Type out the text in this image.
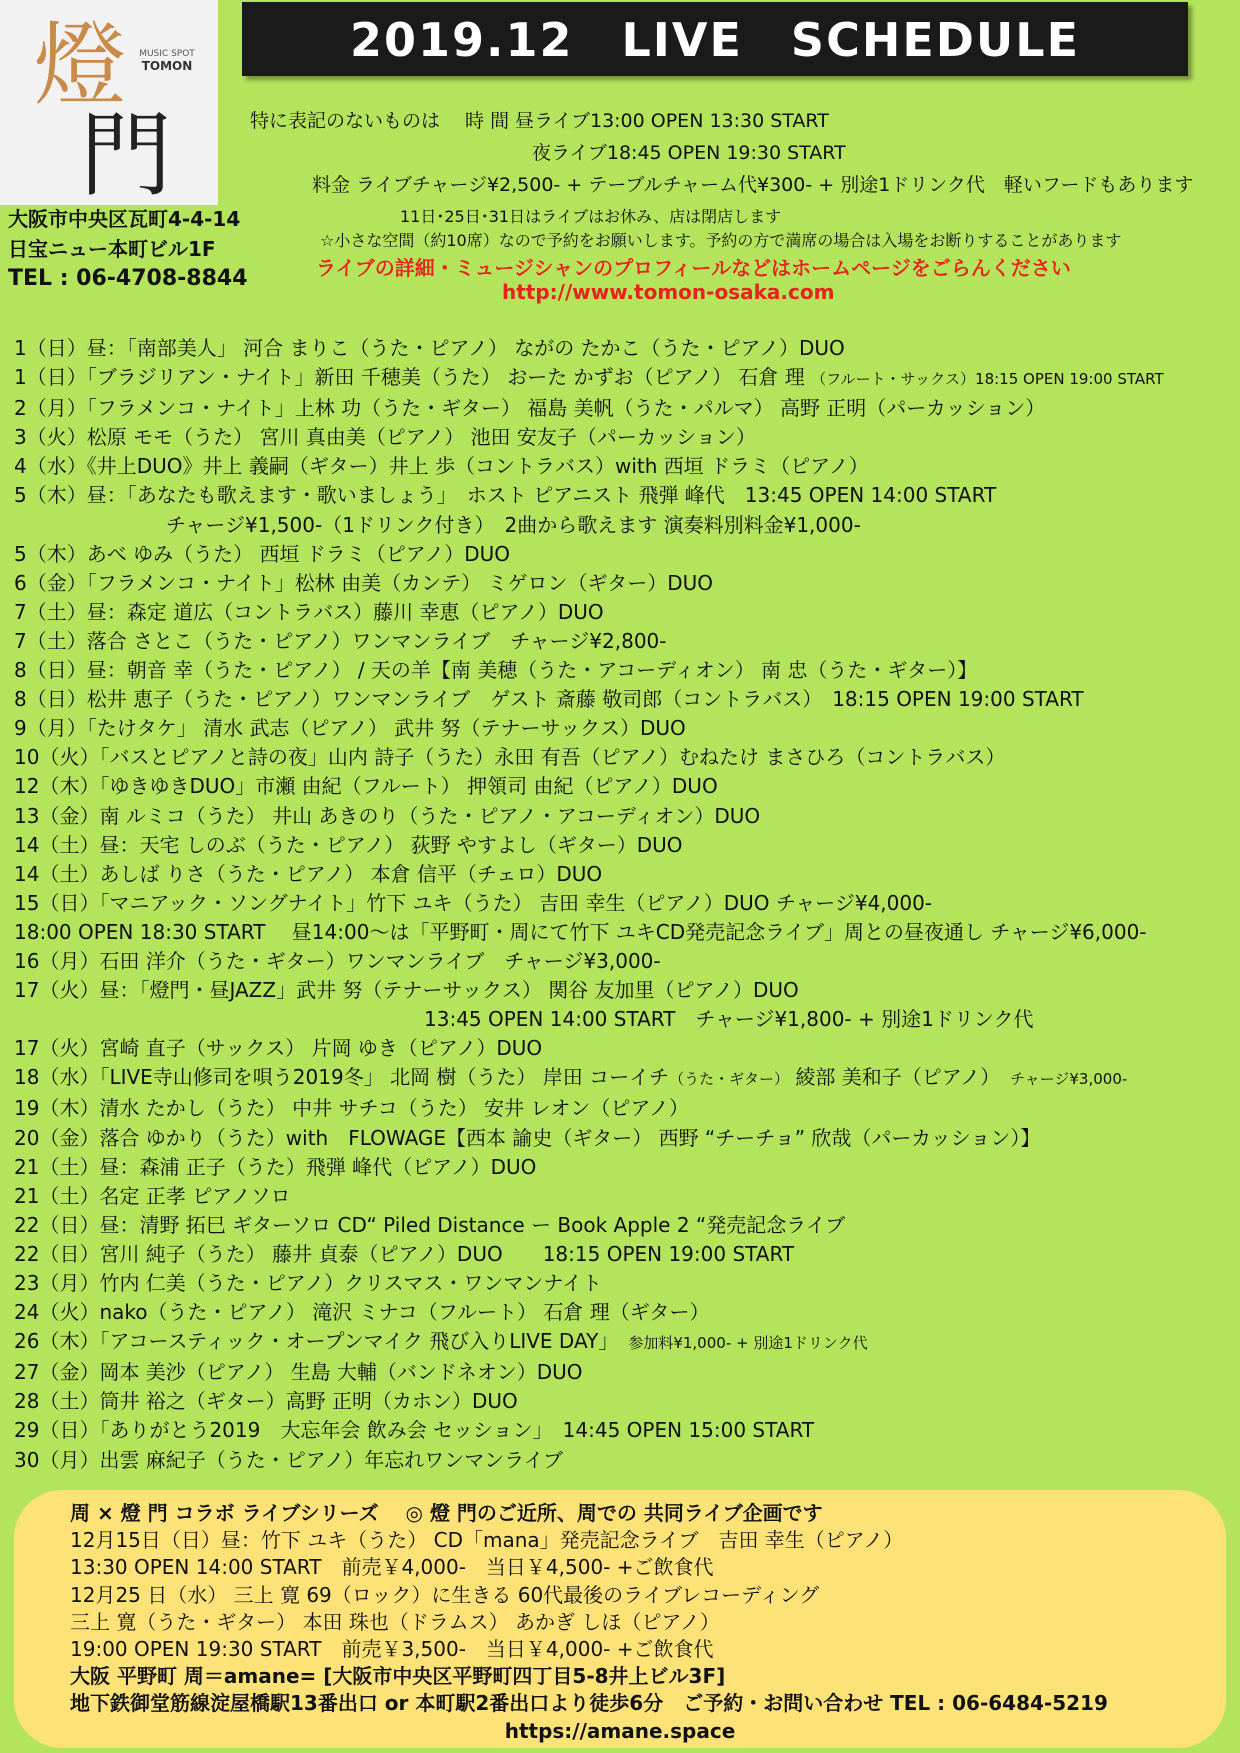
燈
門
MUSIC SPOT
TOMON
大阪市中央区瓦町4-4-14
日宝ニュー本町ビル1F
TEL : 06-4708-8844
2019.12　LIVE　SCHEDULE
特に表記のないものは　 時 間 昼ライブ13:00 OPEN 13:30 START
夜ライブ18:45 OPEN 19:30 START
料金 ライブチャージ¥2,500- + テーブルチャーム代¥300- + 別途1ドリンク代　軽いフードもあります
11日･25日･31日はライブはお休み、店は閉店します
☆小さな空間（約10席）なので予約をお願いします。予約の方で満席の場合は入場をお断りすることがあります
ライブの詳細・ミュージシャンのプロフィールなどはホームページをごらんください
http://www.tomon-osaka.com
1（日）昼：「南部美人」 河合 まりこ（うた・ピアノ） ながの たかこ（うた・ピアノ）DUO
1（日）「ブラジリアン・ナイト」新田 千穂美（うた） おーた かずお（ピアノ） 石倉 理 （フルート・サックス）18:15 OPEN 19:00 START
2（月）「フラメンコ・ナイト」上林 功（うた・ギター） 福島 美帆（うた・パルマ） 高野 正明（パーカッション）
3（火）松原 モモ（うた） 宮川 真由美（ピアノ） 池田 安友子（パーカッション）
4（水）《井上DUO》井上 義嗣（ギター）井上 歩（コントラバス）with 西垣 ドラミ（ピアノ）
5（木）昼：「あなたも歌えます・歌いましょう」　ホスト ピアニスト 飛弾 峰代　13:45 OPEN 14:00 START
チャージ¥1,500-（1ドリンク付き）　2曲から歌えます 演奏料別料金¥1,000-
5（木）あべ ゆみ（うた） 西垣 ドラミ（ピアノ）DUO
6（金）「フラメンコ・ナイト」松林 由美（カンテ） ミゲロン（ギター）DUO
7（土）昼：森定 道広（コントラバス）藤川 幸恵（ピアノ）DUO
7（土）落合 さとこ（うた・ピアノ）ワンマンライブ　チャージ¥2,800-
8（日）昼：朝音 幸（うた・ピアノ） / 天の羊【南 美穂（うた・アコーディオン） 南 忠（うた・ギター）】
8（日）松井 恵子（うた・ピアノ）ワンマンライブ　ゲスト 斎藤 敬司郎（コントラバス）　18:15 OPEN 19:00 START
9（月）「たけタケ」 清水 武志（ピアノ） 武井 努（テナーサックス）DUO
10（火）「バスとピアノと詩の夜」山内 詩子（うた）永田 有吾（ピアノ）むねたけ まさひろ（コントラバス）
12（木）「ゆきゆきDUO」市瀬 由紀（フルート） 押領司 由紀（ピアノ）DUO
13（金）南 ルミコ（うた） 井山 あきのり（うた・ピアノ・アコーディオン）DUO
14（土）昼：天宅 しのぶ（うた・ピアノ） 荻野 やすよし（ギター）DUO
14（土）あしば りさ（うた・ピアノ） 本倉 信平（チェロ）DUO
15（日）「マニアック・ソングナイト」竹下 ユキ（うた） 吉田 幸生（ピアノ）DUO チャージ¥4,000-
18:00 OPEN 18:30 START　 昼14:00～は「平野町・周にて竹下 ユキCD発売記念ライブ」周との昼夜通し チャージ¥6,000-
16（月）石田 洋介（うた・ギター）ワンマンライブ　チャージ¥3,000-
17（火）昼：「燈門・昼JAZZ」武井 努（テナーサックス） 関谷 友加里（ピアノ）DUO
13:45 OPEN 14:00 START　チャージ¥1,800- + 別途1ドリンク代
17（火）宮崎 直子（サックス） 片岡 ゆき（ピアノ）DUO
18（水）「LIVE寺山修司を唄う2019冬」 北岡 樹（うた） 岸田 コーイチ（うた・ギター） 綾部 美和子（ピアノ）　 チャージ¥3,000-
19（木）清水 たかし（うた） 中井 サチコ（うた） 安井 レオン（ピアノ）
20（金）落合 ゆかり（うた）with　FLOWAGE【西本 諭史（ギター） 西野 “チーチョ” 欣哉（パーカッション）】
21（土）昼：森浦 正子（うた）飛弾 峰代（ピアノ）DUO
21（土）名定 正孝 ピアノソロ
22（日）昼：清野 拓巳 ギターソロ CD“ Piled Distance ー Book Apple 2 “発売記念ライブ
22（日）宮川 純子（うた） 藤井 貞泰（ピアノ）DUO　　18:15 OPEN 19:00 START
23（月）竹内 仁美（うた・ピアノ）クリスマス・ワンマンナイト
24（火）nako（うた・ピアノ） 滝沢 ミナコ（フルート） 石倉 理（ギター）
26（木）「アコースティック・オープンマイク 飛び入りLIVE DAY」　 参加料¥1,000- + 別途1ドリンク代
27（金）岡本 美沙（ピアノ） 生島 大輔（バンドネオン）DUO
28（土）筒井 裕之（ギター）高野 正明（カホン）DUO
29（日）「ありがとう2019　大忘年会 飲み会 セッション」　14:45 OPEN 15:00 START
30（月）出雲 麻紀子（うた・ピアノ）年忘れワンマンライブ
周 × 燈 門 コラボ ライブシリーズ　 ◎ 燈 門のご近所、周での 共同ライブ企画です
12月15日（日）昼：竹下 ユキ（うた） CD「mana」発売記念ライブ　吉田 幸生（ピアノ）
13:30 OPEN 14:00 START　前売￥4,000-　当日￥4,500- +ご飲食代
12月25 日（水） 三上 寛 69（ロック）に生きる 60代最後のライブレコーディング
三上 寛（うた・ギター） 本田 珠也（ドラムス） あかぎ しほ（ピアノ）
19:00 OPEN 19:30 START　前売￥3,500-　当日￥4,000- +ご飲食代
大阪 平野町 周＝amane= [大阪市中央区平野町四丁目5-8井上ビル3F]
地下鉄御堂筋線淀屋橋駅13番出口 or 本町駅2番出口より徒歩6分　ご予約・お問い合わせ TEL : 06-6484-5219
https://amane.space
